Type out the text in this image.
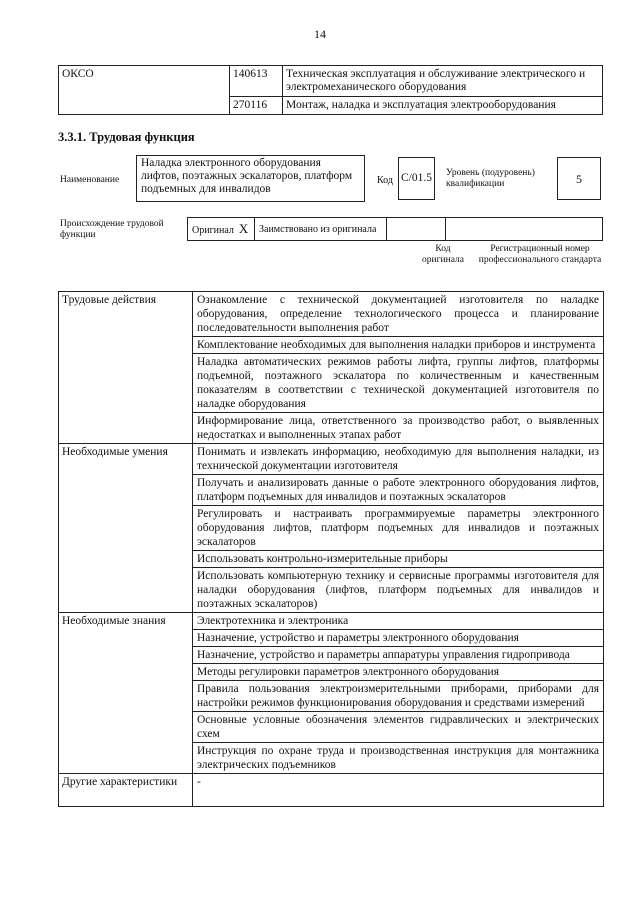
14
ОКСО	140613	Техническая эксплуатация и обслуживание электрического и электромеханического оборудования
	270116	Монтаж, наладка и эксплуатация электрооборудования
3.3.1. Трудовая функция
Наименование
Наладка электронного оборудования лифтов, поэтажных эскалаторов, платформ подъемных для инвалидов
Код C/01.5	Уровень (подуровень) квалификации	5
Происхождение трудовой функции	Оригинал X	Заимствовано из оригинала		
Код оригинала
Регистрационный номер профессионального стандарта
Трудовые действия	Ознакомление с технической документацией изготовителя по наладке оборудования, определение технологического процесса и планирование последовательности выполнения работ
	Комплектование необходимых для выполнения наладки приборов и инструмента
	Наладка автоматических режимов работы лифта, группы лифтов, платформы подъемной, поэтажного эскалатора по количественным и качественным показателям в соответствии с технической документацией изготовителя по наладке оборудования
	Информирование лица, ответственного за производство работ, о выявленных недостатках и выполненных этапах работ
Необходимые умения	Понимать и извлекать информацию, необходимую для выполнения наладки, из технической документации изготовителя
	Получать и анализировать данные о работе электронного оборудования лифтов, платформ подъемных для инвалидов и поэтажных эскалаторов
	Регулировать и настраивать программируемые параметры электронного оборудования лифтов, платформ подъемных для инвалидов и поэтажных эскалаторов
	Использовать контрольно-измерительные приборы
	Использовать компьютерную технику и сервисные программы изготовителя для наладки оборудования (лифтов, платформ подъемных для инвалидов и поэтажных эскалаторов)
Необходимые знания	Электротехника и электроника
	Назначение, устройство и параметры электронного оборудования
	Назначение, устройство и параметры аппаратуры управления гидропривода
	Методы регулировки параметров электронного оборудования
	Правила пользования электроизмерительными приборами, приборами для настройки режимов функционирования оборудования и средствами измерений
	Основные условные обозначения элементов гидравлических и электрических схем
	Инструкция по охране труда и производственная инструкция для монтажника электрических подъемников
Другие характеристики	-
